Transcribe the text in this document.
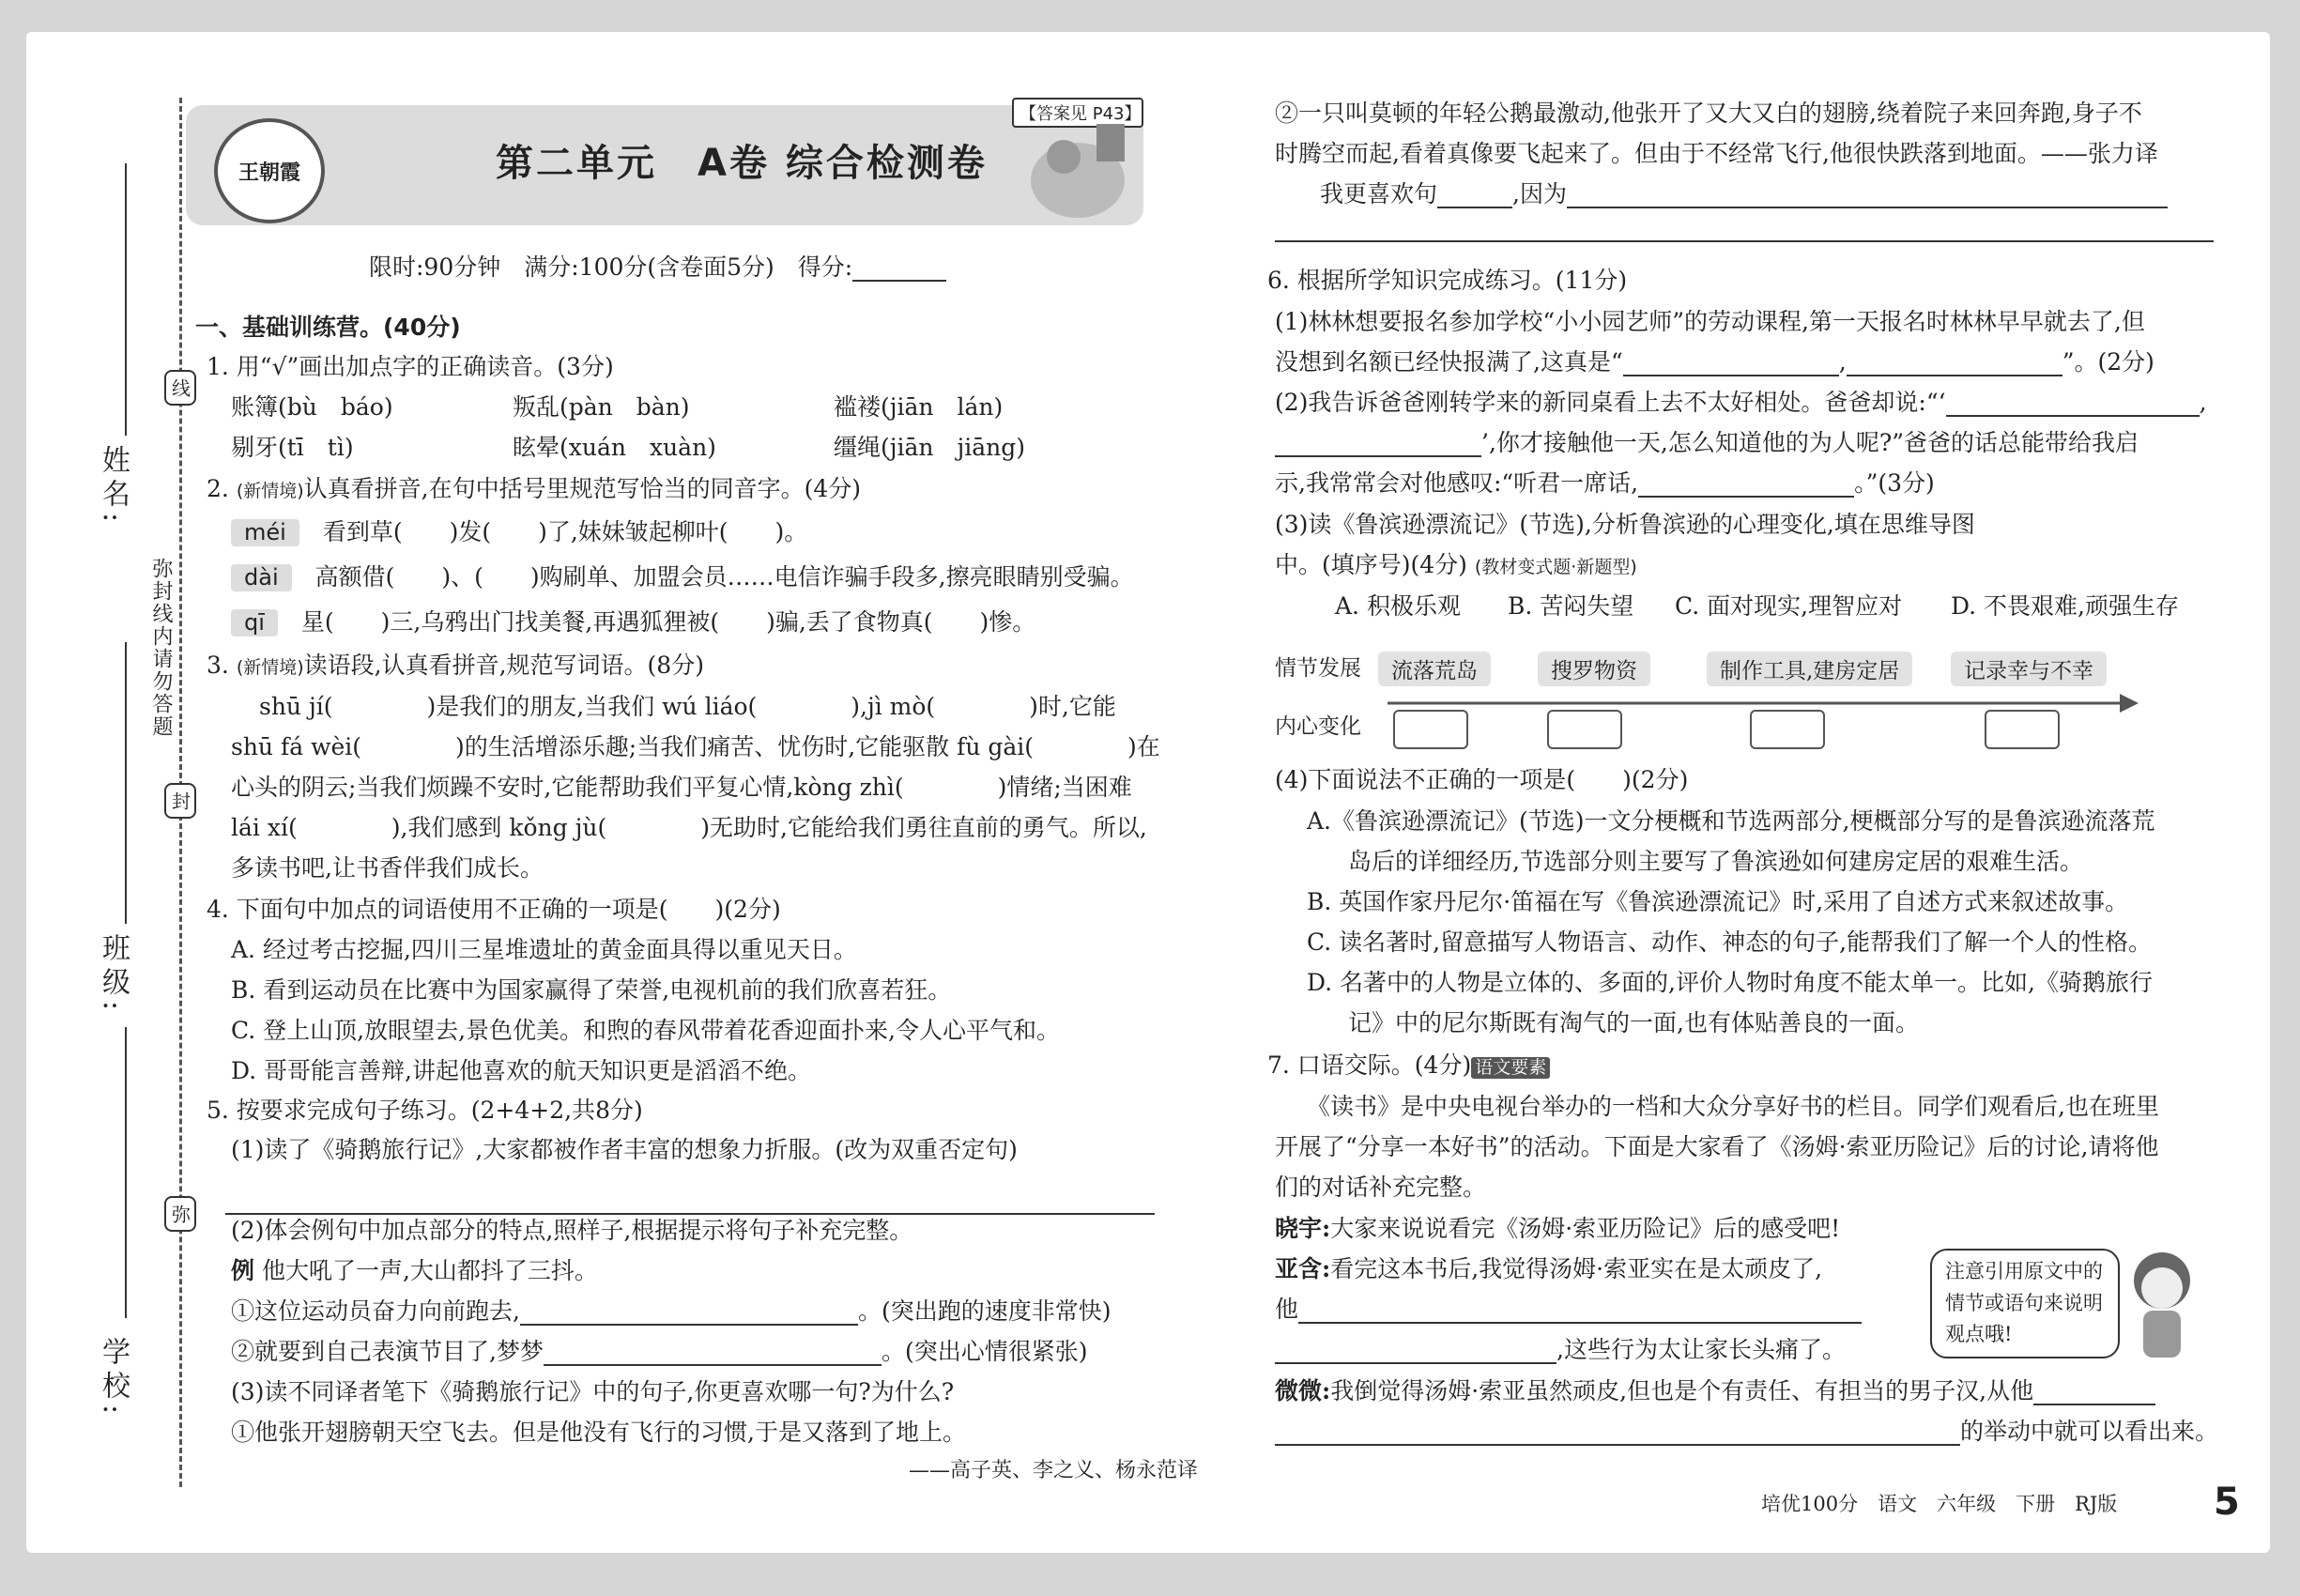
姓名:
弥封线内请勿答题
班级:
学校:
线
封
弥
第二单元　A卷 综合检测卷
【答案见 P43】
王朝霞
限时:90分钟　满分:100分(含卷面5分)　得分:
一、基础训练营。(40分)
1. 用“√”画出加点字的正确读音。(3分)
账簿(bù　báo)	叛乱(pàn　bàn)	褴褛(jiān　lán)
剔牙(tī　tì)	眩晕(xuán　xuàn)	缰绳(jiān　jiāng)
2. (新情境)认真看拼音,在句中括号里规范写恰当的同音字。(4分)
méi　 看到草(　　)发(　　)了,妹妹皱起柳叶(　　)。
dài　 高额借(　　)、(　　)购刷单、加盟会员……电信诈骗手段多,擦亮眼睛别受骗。
qī　 星(　　)三,乌鸦出门找美餐,再遇狐狸被(　　)骗,丢了食物真(　　)惨。
3. (新情境)读语段,认真看拼音,规范写词语。(8分)
shū jí(　　　　)是我们的朋友,当我们 wú liáo(　　　　),jì mò(　　　　)时,它能
shū fá wèi(　　　　)的生活增添乐趣;当我们痛苦、忧伤时,它能驱散 fù gài(　　　　)在
心头的阴云;当我们烦躁不安时,它能帮助我们平复心情,kòng zhì(　　　　)情绪;当困难
lái xí(　　　　),我们感到 kǒng jù(　　　　)无助时,它能给我们勇往直前的勇气。所以,
多读书吧,让书香伴我们成长。
4. 下面句中加点的词语使用不正确的一项是(　　)(2分)
A. 经过考古挖掘,四川三星堆遗址的黄金面具得以重见天日。
B. 看到运动员在比赛中为国家赢得了荣誉,电视机前的我们欣喜若狂。
C. 登上山顶,放眼望去,景色优美。和煦的春风带着花香迎面扑来,令人心平气和。
D. 哥哥能言善辩,讲起他喜欢的航天知识更是滔滔不绝。
5. 按要求完成句子练习。(2+4+2,共8分)
(1)读了《骑鹅旅行记》,大家都被作者丰富的想象力折服。(改为双重否定句)
(2)体会例句中加点部分的特点,照样子,根据提示将句子补充完整。
例 他大吼了一声,大山都抖了三抖。
①这位运动员奋力向前跑去,	。(突出跑的速度非常快)
②就要到自己表演节目了,梦梦	。(突出心情很紧张)
(3)读不同译者笔下《骑鹅旅行记》中的句子,你更喜欢哪一句?为什么?
①他张开翅膀朝天空飞去。但是他没有飞行的习惯,于是又落到了地上。
——高子英、李之义、杨永范译
②一只叫莫顿的年轻公鹅最激动,他张开了又大又白的翅膀,绕着院子来回奔跑,身子不
时腾空而起,看着真像要飞起来了。但由于不经常飞行,他很快跌落到地面。——张力译
我更喜欢句	,因为
6. 根据所学知识完成练习。(11分)
(1)林林想要报名参加学校“小小园艺师”的劳动课程,第一天报名时林林早早就去了,但
没想到名额已经快报满了,这真是“	,	”。(2分)
(2)我告诉爸爸刚转学来的新同桌看上去不太好相处。爸爸却说:“‘	,
’,你才接触他一天,怎么知道他的为人呢?”爸爸的话总能带给我启
示,我常常会对他感叹:“听君一席话,	。”(3分)
(3)读《鲁滨逊漂流记》(节选),分析鲁滨逊的心理变化,填在思维导图
中。(填序号)(4分) (教材变式题·新题型)
A. 积极乐观 B. 苦闷失望 C. 面对现实,理智应对 D. 不畏艰难,顽强生存
情节发展
内心变化
流落荒岛	搜罗物资	制作工具,建房定居	记录幸与不幸
(4)下面说法不正确的一项是(　　)(2分)
A.《鲁滨逊漂流记》(节选)一文分梗概和节选两部分,梗概部分写的是鲁滨逊流落荒
岛后的详细经历,节选部分则主要写了鲁滨逊如何建房定居的艰难生活。
B. 英国作家丹尼尔·笛福在写《鲁滨逊漂流记》时,采用了自述方式来叙述故事。
C. 读名著时,留意描写人物语言、动作、神态的句子,能帮我们了解一个人的性格。
D. 名著中的人物是立体的、多面的,评价人物时角度不能太单一。比如,《骑鹅旅行
记》中的尼尔斯既有淘气的一面,也有体贴善良的一面。
7. 口语交际。(4分) 语文要素
《读书》是中央电视台举办的一档和大众分享好书的栏目。同学们观看后,也在班里
开展了“分享一本好书”的活动。下面是大家看了《汤姆·索亚历险记》后的讨论,请将他
们的对话补充完整。
晓宇:大家来说说看完《汤姆·索亚历险记》后的感受吧!
亚含:看完这本书后,我觉得汤姆·索亚实在是太顽皮了,
他
,这些行为太让家长头痛了。
微微:我倒觉得汤姆·索亚虽然顽皮,但也是个有责任、有担当的男子汉,从他
的举动中就可以看出来。
注意引用原文中的情节或语句来说明观点哦!
培优100分　语文　六年级　下册　RJ版	5
